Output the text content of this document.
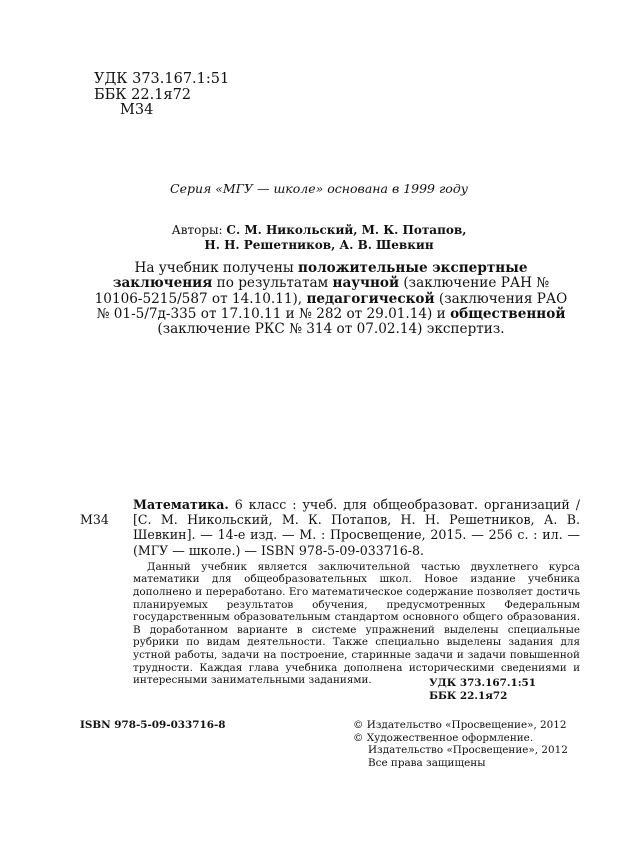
УДК 373.167.1:51
ББК 22.1я72
М34
Серия «МГУ — школе» основана в 1999 году
Авторы: С. М. Никольский, М. К. Потапов,
Н. Н. Решетников, А. В. Шевкин
На учебник получены положительные экспертные заключения по результатам научной (заключение РАН № 10106-5215/587 от 14.10.11), педагогической (заключения РАО № 01-5/7д-335 от 17.10.11 и № 282 от 29.01.14) и общественной (заключение РКС № 314 от 07.02.14) экспертиз.
М34
Математика. 6 класс : учеб. для общеобразоват. организаций / [С. М. Никольский, М. К. Потапов, Н. Н. Решетников, А. В. Шевкин]. — 14-е изд. — М. : Просвещение, 2015. — 256 с. : ил. — (МГУ — школе.) — ISBN 978-5-09-033716-8.
Данный учебник является заключительной частью двухлетнего курса математики для общеобразовательных школ. Новое издание учебника дополнено и переработано. Его математическое содержание позволяет достичь планируемых результатов обучения, предусмотренных Федеральным государственным образовательным стандартом основного общего образования. В доработанном варианте в системе упражнений выделены специальные рубрики по видам деятельности. Также специально выделены задания для устной работы, задачи на построение, старинные задачи и задачи повышенной трудности. Каждая глава учебника дополнена историческими сведениями и интересными занимательными заданиями.	УДК 373.167.1:51
ББК 22.1я72
ISBN 978-5-09-033716-8	© Издательство «Просвещение», 2012
© Художественное оформление.
Издательство «Просвещение», 2012
Все права защищены
